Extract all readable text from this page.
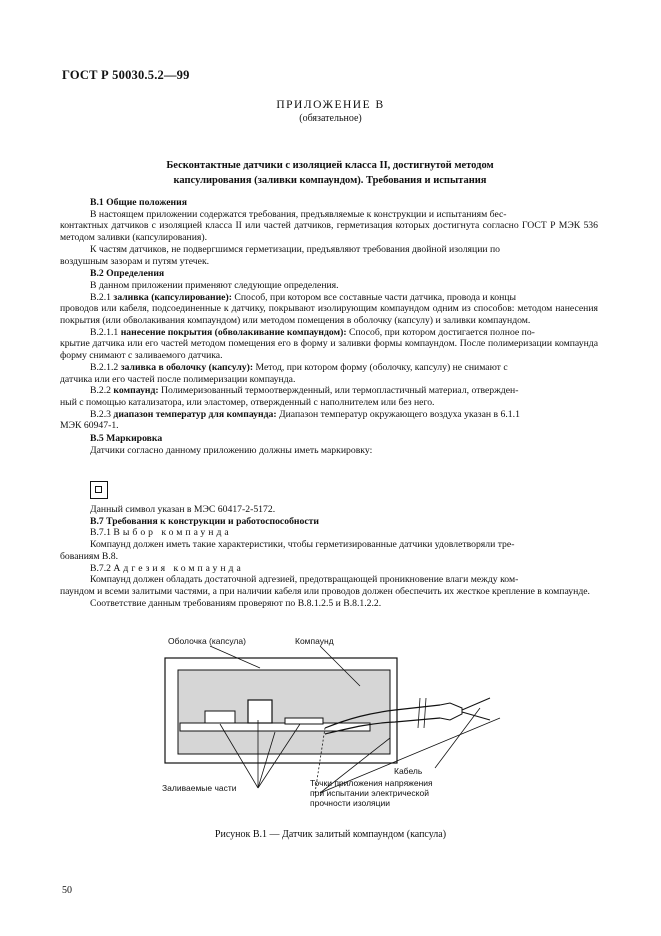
ГОСТ Р 50030.5.2—99
ПРИЛОЖЕНИЕ В
(обязательное)
Бесконтактные датчики с изоляцией класса II, достигнутой методом
капсулирования (заливки компаундом). Требования и испытания

В.1 Общие положения

В настоящем приложении содержатся требования, предъявляемые к конструкции и испытаниям бес-

контактных датчиков с изоляцией класса II или частей датчиков, герметизация которых достигнута согласно ГОСТ Р МЭК 536 методом заливки (капсулирования).

К частям датчиков, не подвергшимся герметизации, предъявляют требования двойной изоляции по

воздушным зазорам и путям утечек.

В.2 Определения

В данном приложении применяют следующие определения.

В.2.1 заливка (капсулирование): Способ, при котором все составные части датчика, провода и концы

проводов или кабеля, подсоединенные к датчику, покрывают изолирующим компаундом одним из способов: методом нанесения покрытия (или обволакивания компаундом) или методом помещения в оболочку (капсулу) и заливки компаундом.

В.2.1.1 нанесение покрытия (обволакивание компаундом): Способ, при котором достигается полное по-

крытие датчика или его частей методом помещения его в форму и заливки формы компаундом. После полимеризации компаунда форму снимают с заливаемого датчика.

В.2.1.2 заливка в оболочку (капсулу): Метод, при котором форму (оболочку, капсулу) не снимают с

датчика или его частей после полимеризации компаунда.

В.2.2 компаунд: Полимеризованный термоотвержденный, или термопластичный материал, отвержден-

ный с помощью катализатора, или эластомер, отвержденный с наполнителем или без него.

В.2.3 диапазон температур для компаунда: Диапазон температур окружающего воздуха указан в 6.1.1

МЭК 60947-1.

В.5 Маркировка

Датчики согласно данному приложению должны иметь маркировку:

Данный символ указан в МЭС 60417-2-5172.

В.7 Требования к конструкции и работоспособности

В.7.1 Выбор компаунда

Компаунд должен иметь такие характеристики, чтобы герметизированные датчики удовлетворяли тре-

бованиям В.8.

В.7.2 Адгезия компаунда

Компаунд должен обладать достаточной адгезией, предотвращающей проникновение влаги между ком-

паундом и всеми залитыми частями, а при наличии кабеля или проводов должен обеспечить их жесткое крепление в компаунде.

Соответствие данным требованиям проверяют по В.8.1.2.5 и В.8.1.2.2.

Оболочка (капсула)	Компаунд
Заливаемые части
Кабель
Точки приложения напряжения
при испытании электрической
прочности изоляции
Рисунок В.1 — Датчик залитый компаундом (капсула)
50
